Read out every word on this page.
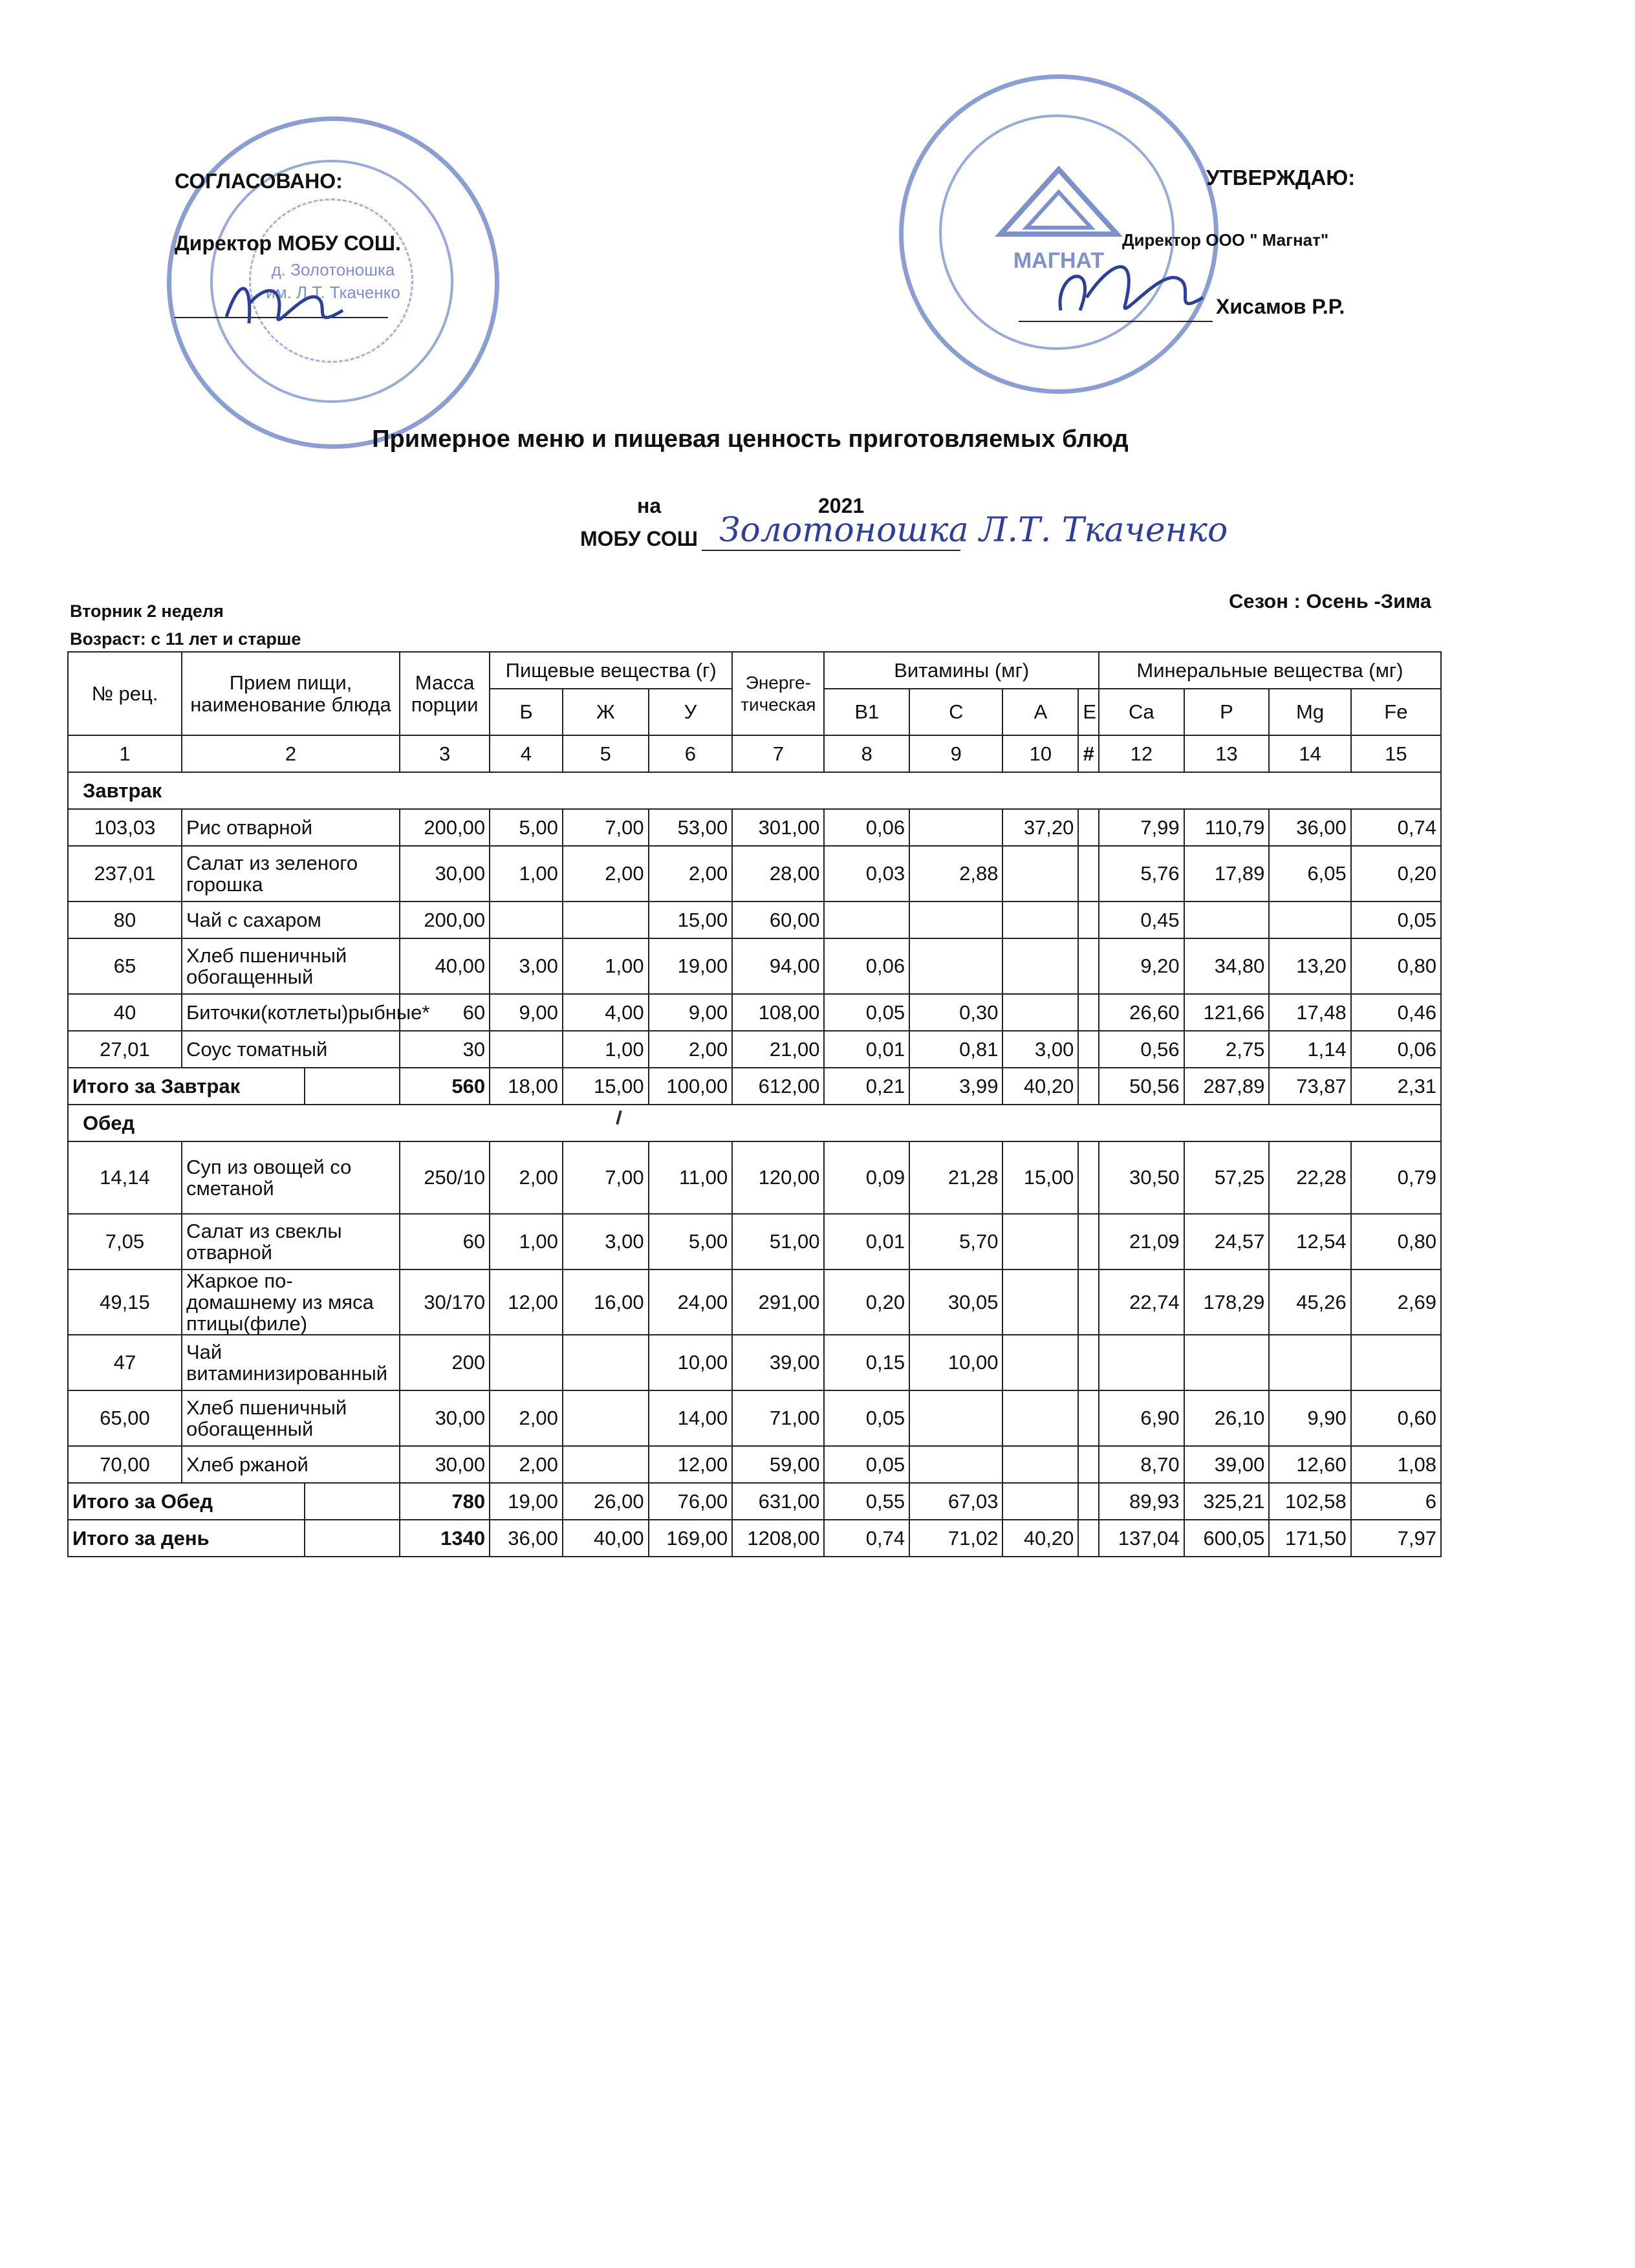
д. Золотоношка
им. Л.Т. Ткаченко
МАГНАТ
СОГЛАСОВАНО:
Директор МОБУ СОШ.
УТВЕРЖДАЮ:
Директор ООО " Магнат"
Хисамов Р.Р.
Примерное меню и пищевая ценность приготовляемых блюд
на	2021
МОБУ СОШ Золотоношка Л.Т. Ткаченко
Вторник 2 неделя	Сезон : Осень -Зима
Возраст: с 11 лет и старше
№ рец.	Прием пищи, наименование блюда		Масса порции	Пищевые вещества (г)			Энерге-тическая	Витамины (мг)				Минеральные вещества (мг)			
				Б	Ж	У		В1	С	А	Е	Ca	P	Mg	Fe
1	2		3	4	5	6	7	8	9	10	#	12	13	14	15
Завтрак															
103,03	Рис отварной		200,00	5,00	7,00	53,00	301,00	0,06		37,20		7,99	110,79	36,00	0,74
237,01	Салат из зеленого горошка		30,00	1,00	2,00	2,00	28,00	0,03	2,88			5,76	17,89	6,05	0,20
80	Чай с сахаром		200,00			15,00	60,00					0,45			0,05
65	Хлеб пшеничный обогащенный		40,00	3,00	1,00	19,00	94,00	0,06				9,20	34,80	13,20	0,80
40	Биточки(котлеты)рыбные*		60	9,00	4,00	9,00	108,00	0,05	0,30			26,60	121,66	17,48	0,46
27,01	Соус томатный		30		1,00	2,00	21,00	0,01	0,81	3,00		0,56	2,75	1,14	0,06
Итого за Завтрак			560	18,00	15,00	100,00	612,00	0,21	3,99	40,20		50,56	287,89	73,87	2,31
Обед															
14,14	Суп из овощей со сметаной		250/10	2,00	7,00	11,00	120,00	0,09	21,28	15,00		30,50	57,25	22,28	0,79
7,05	Салат из свеклы отварной		60	1,00	3,00	5,00	51,00	0,01	5,70			21,09	24,57	12,54	0,80
49,15	Жаркое по-домашнему из мяса птицы(филе)		30/170	12,00	16,00	24,00	291,00	0,20	30,05			22,74	178,29	45,26	2,69
47	Чай витаминизированный		200			10,00	39,00	0,15	10,00						
65,00	Хлеб пшеничный обогащенный		30,00	2,00		14,00	71,00	0,05				6,90	26,10	9,90	0,60
70,00	Хлеб ржаной		30,00	2,00		12,00	59,00	0,05				8,70	39,00	12,60	1,08
Итого за Обед			780	19,00	26,00	76,00	631,00	0,55	67,03			89,93	325,21	102,58	6
Итого за день			1340	36,00	40,00	169,00	1208,00	0,74	71,02	40,20		137,04	600,05	171,50	7,97
